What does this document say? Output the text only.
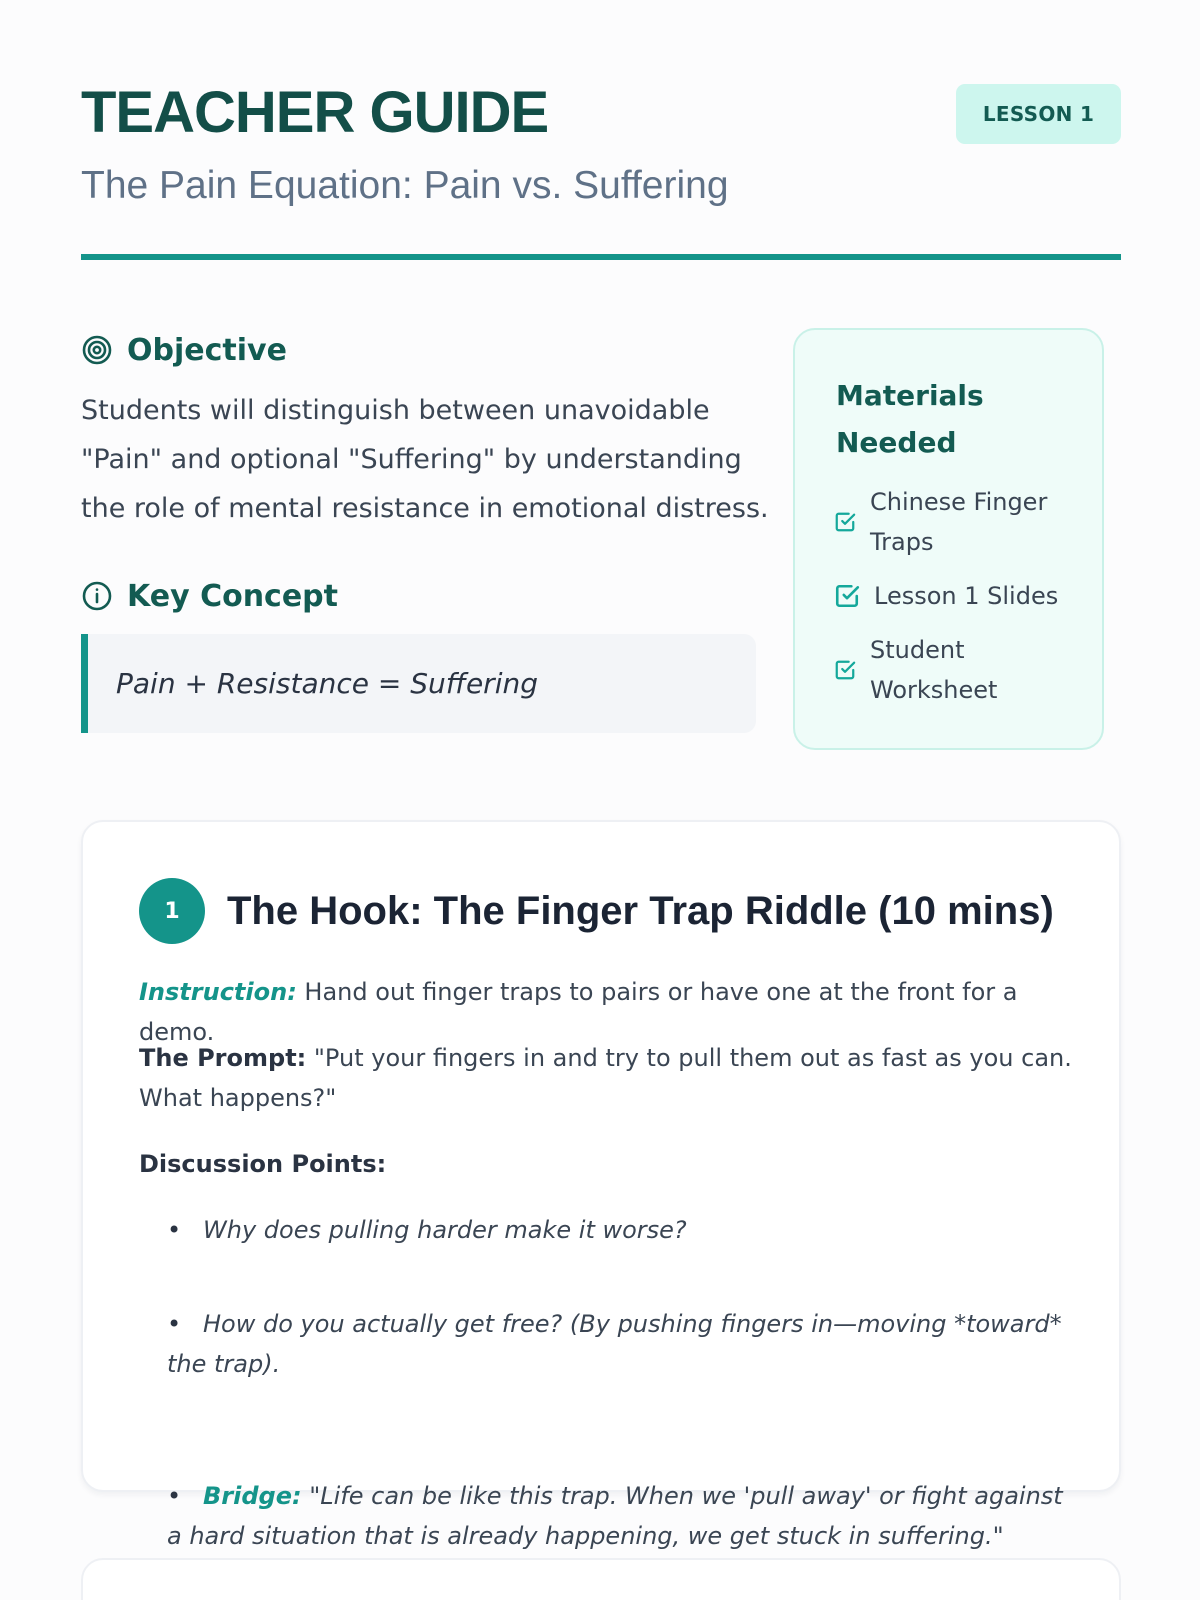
TEACHER GUIDE
The Pain Equation: Pain vs. Suffering
LESSON 1
Objective

Students will distinguish between unavoidable "Pain" and optional "Suffering" by understanding the role of mental resistance in emotional distress.

Key Concept
Pain + Resistance = Suffering
Materials Needed
Chinese Finger Traps
Lesson 1 Slides
Student Worksheet
1	The Hook: The Finger Trap Riddle (10 mins)

Instruction: Hand out finger traps to pairs or have one at the front for a demo.

The Prompt: "Put your fingers in and try to pull them out as fast as you can. What happens?"

Discussion Points:

• Why does pulling harder make it worse?
• How do you actually get free? (By pushing fingers in—moving *toward* the trap).
• Bridge: "Life can be like this trap. When we 'pull away' or fight against a hard situation that is already happening, we get stuck in suffering."
